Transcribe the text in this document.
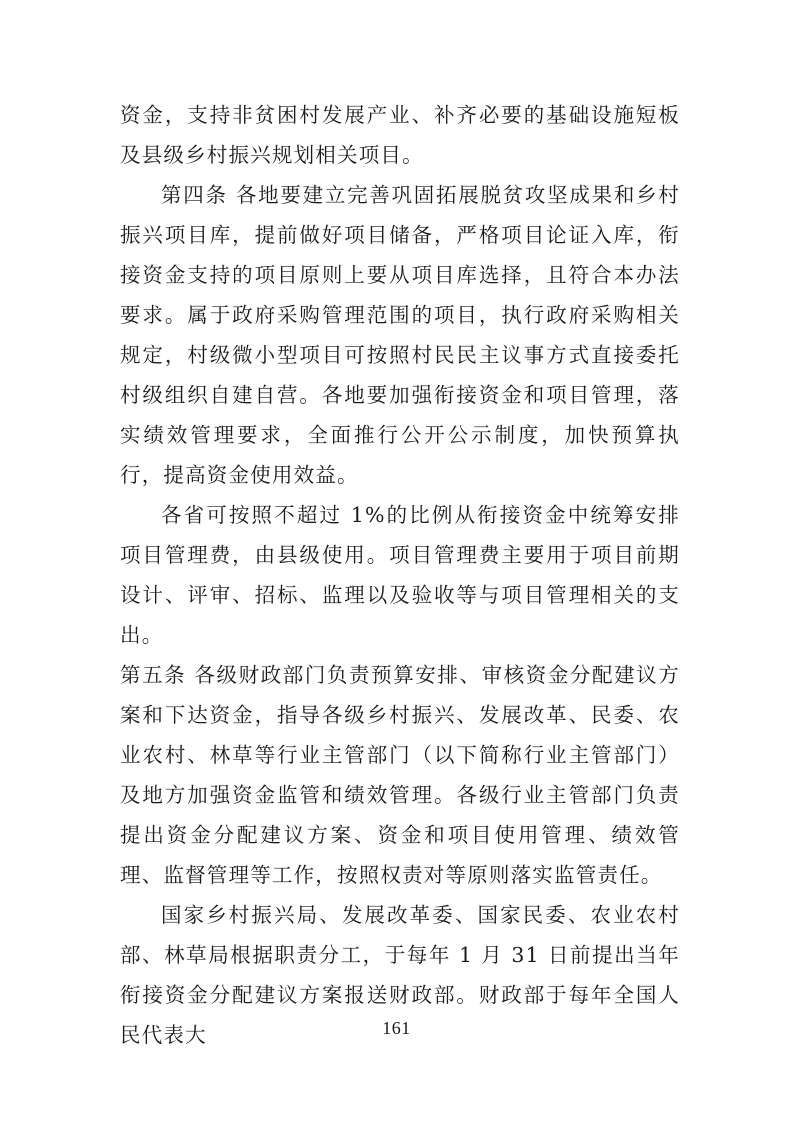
资金，支持非贫困村发展产业、补齐必要的基础设施短板及县级乡村振兴规划相关项目。

第四条 各地要建立完善巩固拓展脱贫攻坚成果和乡村振兴项目库，提前做好项目储备，严格项目论证入库，衔接资金支持的项目原则上要从项目库选择，且符合本办法要求。属于政府采购管理范围的项目，执行政府采购相关规定，村级微小型项目可按照村民民主议事方式直接委托村级组织自建自营。各地要加强衔接资金和项目管理，落实绩效管理要求，全面推行公开公示制度，加快预算执行，提高资金使用效益。

各省可按照不超过 1%的比例从衔接资金中统筹安排项目管理费，由县级使用。项目管理费主要用于项目前期设计、评审、招标、监理以及验收等与项目管理相关的支出。

第五条 各级财政部门负责预算安排、审核资金分配建议方案和下达资金，指导各级乡村振兴、发展改革、民委、农业农村、林草等行业主管部门（以下简称行业主管部门）及地方加强资金监管和绩效管理。各级行业主管部门负责提出资金分配建议方案、资金和项目使用管理、绩效管理、监督管理等工作，按照权责对等原则落实监管责任。

国家乡村振兴局、发展改革委、国家民委、农业农村部、林草局根据职责分工，于每年 1 月 31 日前提出当年衔接资金分配建议方案报送财政部。财政部于每年全国人民代表大	161
